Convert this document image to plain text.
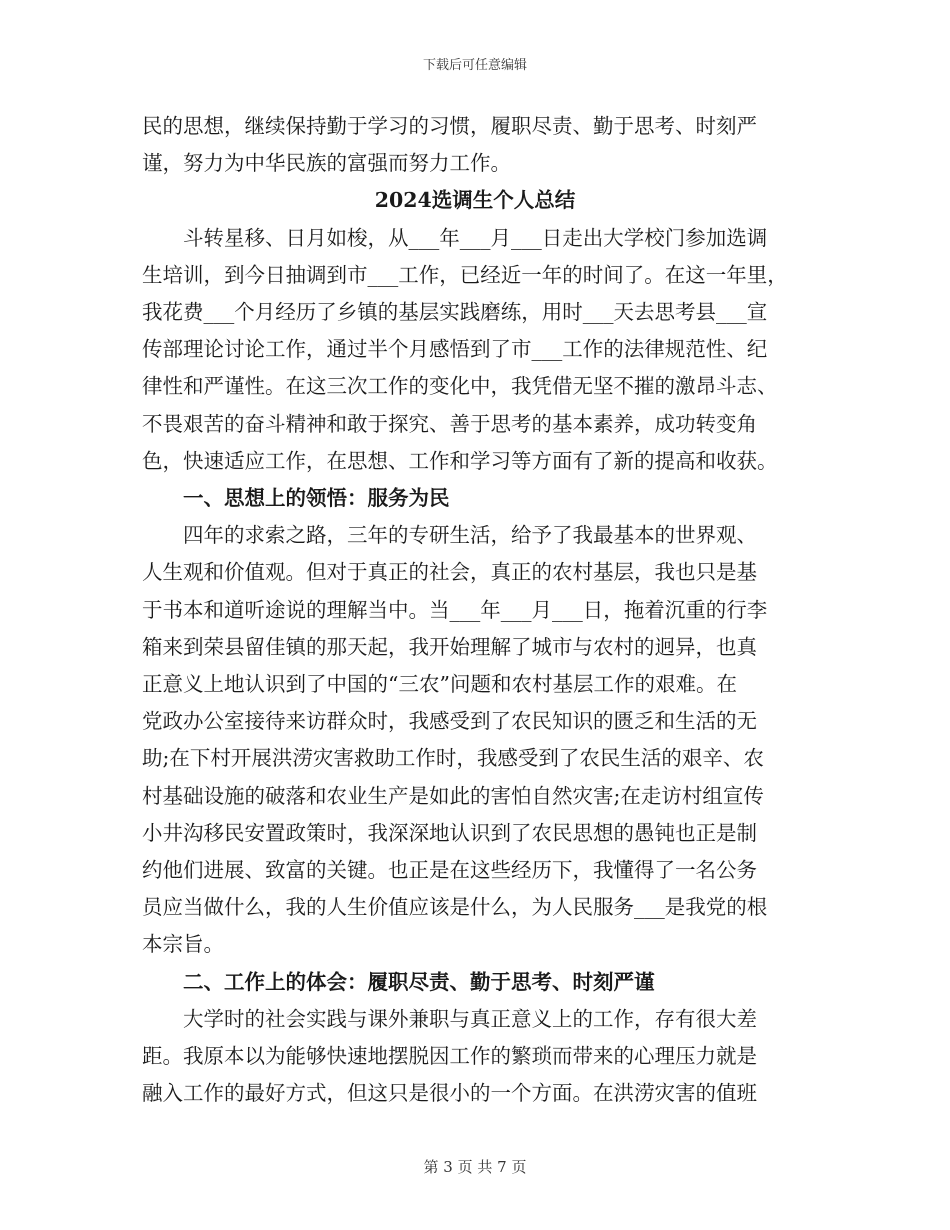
下载后可任意编辑
民的思想，继续保持勤于学习的习惯，履职尽责、勤于思考、时刻严
谨，努力为中华民族的富强而努力工作。
2024选调生个人总结
斗转星移、日月如梭，从___年___月___日走出大学校门参加选调
生培训，到今日抽调到市___工作，已经近一年的时间了。在这一年里，
我花费___个月经历了乡镇的基层实践磨练，用时___天去思考县___宣
传部理论讨论工作，通过半个月感悟到了市___工作的法律规范性、纪
律性和严谨性。在这三次工作的变化中，我凭借无坚不摧的激昂斗志、
不畏艰苦的奋斗精神和敢于探究、善于思考的基本素养，成功转变角
色，快速适应工作，在思想、工作和学习等方面有了新的提高和收获。
一、思想上的领悟：服务为民
四年的求索之路，三年的专研生活，给予了我最基本的世界观、
人生观和价值观。但对于真正的社会，真正的农村基层，我也只是基
于书本和道听途说的理解当中。当___年___月___日，拖着沉重的行李
箱来到荣县留佳镇的那天起，我开始理解了城市与农村的迥异，也真
正意义上地认识到了中国的“三农”问题和农村基层工作的艰难。在
党政办公室接待来访群众时，我感受到了农民知识的匮乏和生活的无
助;在下村开展洪涝灾害救助工作时，我感受到了农民生活的艰辛、农
村基础设施的破落和农业生产是如此的害怕自然灾害;在走访村组宣传
小井沟移民安置政策时，我深深地认识到了农民思想的愚钝也正是制
约他们进展、致富的关键。也正是在这些经历下，我懂得了一名公务
员应当做什么，我的人生价值应该是什么，为人民服务___是我党的根
本宗旨。
二、工作上的体会：履职尽责、勤于思考、时刻严谨
大学时的社会实践与课外兼职与真正意义上的工作，存有很大差
距。我原本以为能够快速地摆脱因工作的繁琐而带来的心理压力就是
融入工作的最好方式，但这只是很小的一个方面。在洪涝灾害的值班
第 3 页 共 7 页
